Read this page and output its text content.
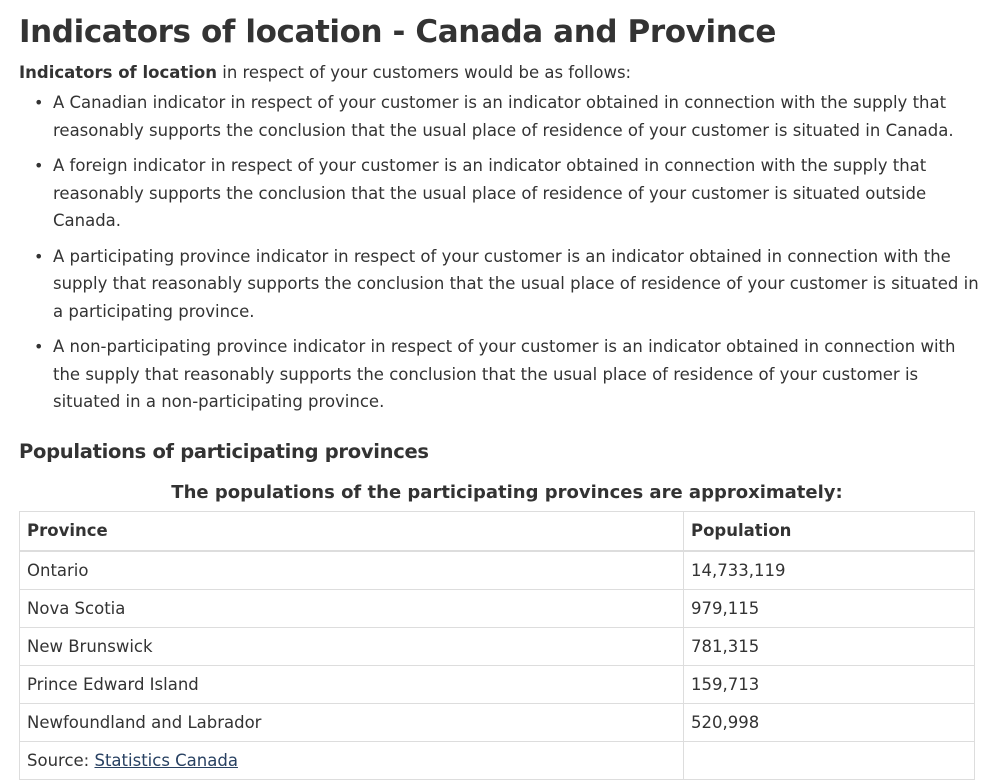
Indicators of location - Canada and Province

Indicators of location in respect of your customers would be as follows:

• A Canadian indicator in respect of your customer is an indicator obtained in connection with the supply that reasonably supports the conclusion that the usual place of residence of your customer is situated in Canada.
• A foreign indicator in respect of your customer is an indicator obtained in connection with the supply that reasonably supports the conclusion that the usual place of residence of your customer is situated outside Canada.
• A participating province indicator in respect of your customer is an indicator obtained in connection with the supply that reasonably supports the conclusion that the usual place of residence of your customer is situated in a participating province.
• A non-participating province indicator in respect of your customer is an indicator obtained in connection with the supply that reasonably supports the conclusion that the usual place of residence of your customer is situated in a non-participating province.
Populations of participating provinces
The populations of the participating provinces are approximately:
Province	Population
Ontario	14,733,119
Nova Scotia	979,115
New Brunswick	781,315
Prince Edward Island	159,713
Newfoundland and Labrador	520,998
Source: Statistics Canada	
